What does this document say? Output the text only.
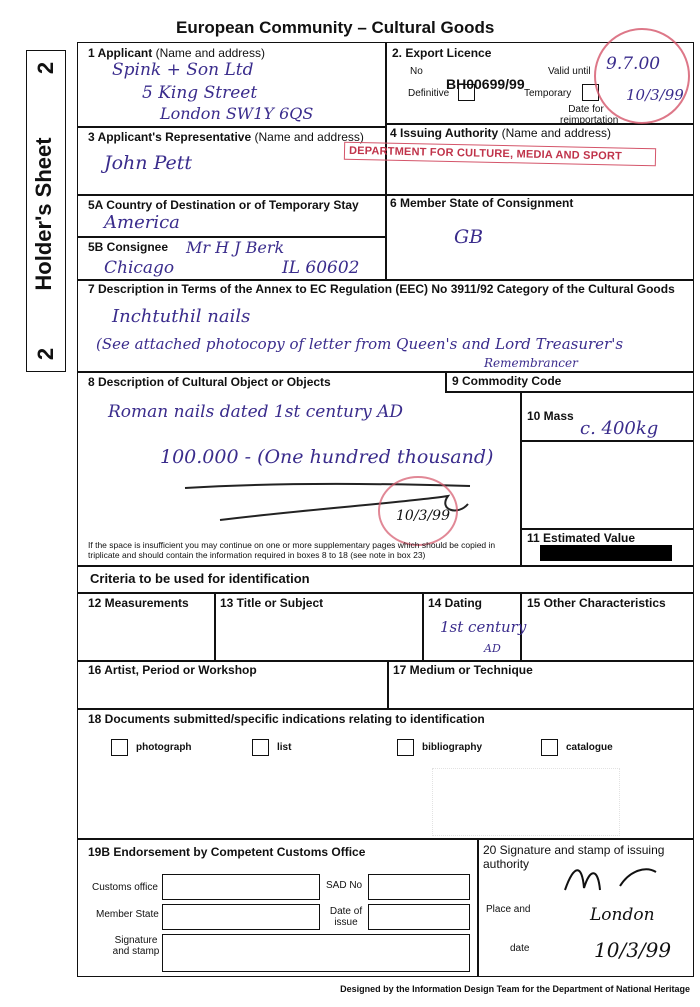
European Community – Cultural Goods
2
Holder's Sheet
2
1 Applicant (Name and address)
Spink + Son Ltd
5 King Street
London SW1Y 6QS
2. Export Licence
No
BH00699/99
Valid until 9.7.00
Definitive	Temporary
Date for reimportation
10/3/99
3 Applicant's Representative (Name and address)
John Pett
4 Issuing Authority (Name and address)
DEPARTMENT FOR CULTURE, MEDIA AND SPORT
5A Country of Destination or of Temporary Stay
America
5B Consignee Mr H J Berk
Chicago	IL 60602
6 Member State of Consignment
GB
7 Description in Terms of the Annex to EC Regulation (EEC) No 3911/92 Category of the Cultural Goods
Inchtuthil nails
(See attached photocopy of letter from Queen's and Lord Treasurer's
Remembrancer
8 Description of Cultural Object or Objects
Roman nails dated 1st century AD
100.000 - (One hundred thousand)
10/3/99
If the space is insufficient you may continue on one or more supplementary pages which should be copied in triplicate and should contain the information required in boxes 8 to 18 (see note in box 23)
9 Commodity Code
10 Mass
c. 400kg
11 Estimated Value
Criteria to be used for identification
12 Measurements	13 Title or Subject	14 Dating
1st century
AD
15 Other Characteristics
16 Artist, Period or Workshop	17 Medium or Technique
18 Documents submitted/specific indications relating to identification
photograph	list	bibliography	catalogue
19B Endorsement by Competent Customs Office
Customs office	SAD No
Member State	Date of issue
Signature and stamp
20 Signature and stamp of issuing authority
Place and
date
London
10/3/99
Designed by the Information Design Team for the Department of National Heritage
